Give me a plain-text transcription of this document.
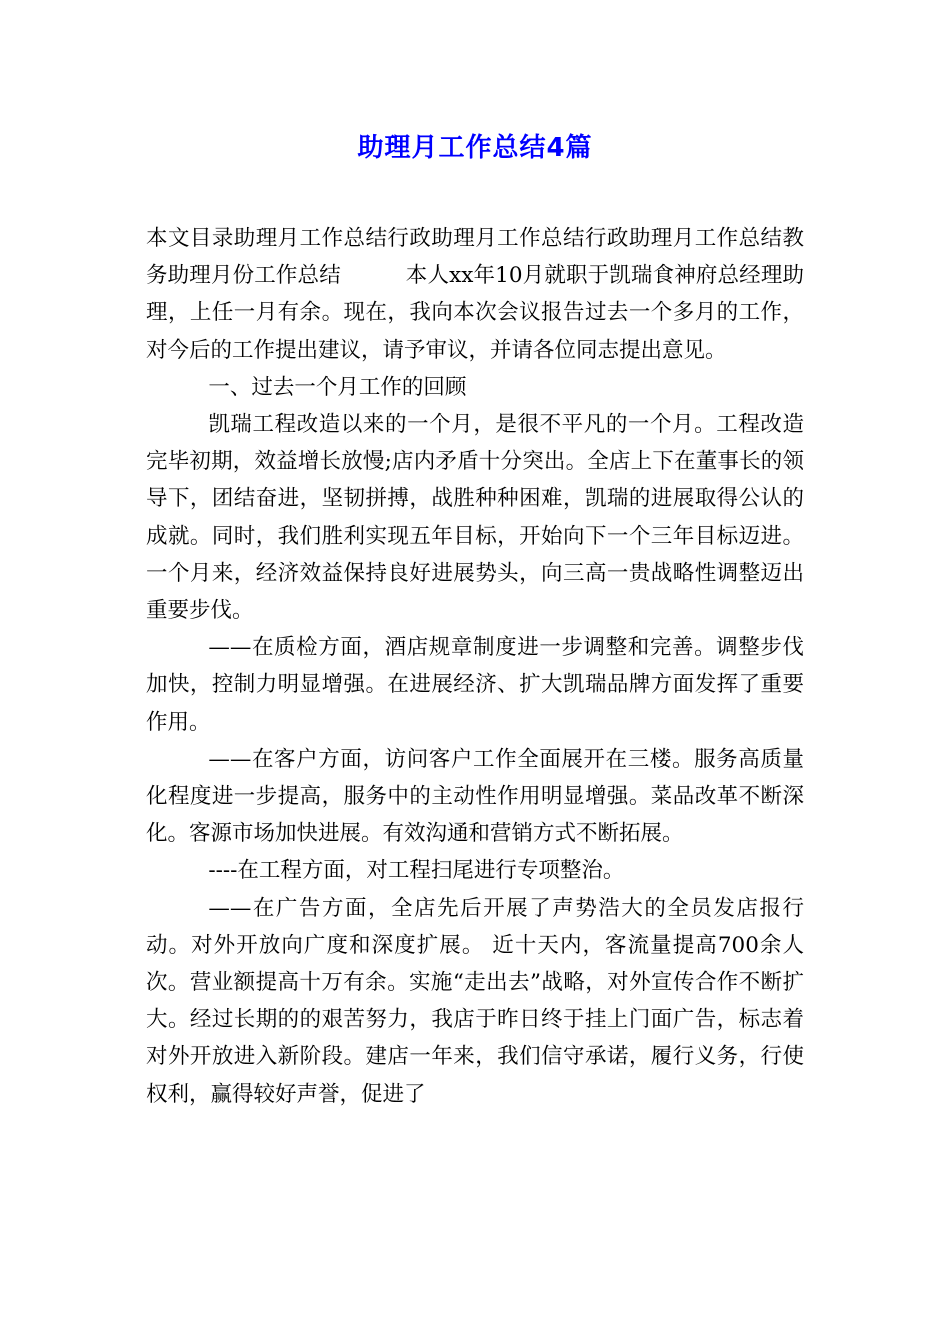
助理月工作总结4篇

本文目录助理月工作总结行政助理月工作总结行政助理月工作总结教务助理月份工作总结　　　本人xx年10月就职于凯瑞食神府总经理助理，上任一月有余。现在，我向本次会议报告过去一个多月的工作，对今后的工作提出建议，请予审议，并请各位同志提出意见。

一、过去一个月工作的回顾

凯瑞工程改造以来的一个月，是很不平凡的一个月。工程改造完毕初期，效益增长放慢;店内矛盾十分突出。全店上下在董事长的领导下，团结奋进，坚韧拼搏，战胜种种困难，凯瑞的进展取得公认的成就。同时，我们胜利实现五年目标，开始向下一个三年目标迈进。 一个月来，经济效益保持良好进展势头，向三高一贵战略性调整迈出重要步伐。

——在质检方面，酒店规章制度进一步调整和完善。调整步伐加快，控制力明显增强。在进展经济、扩大凯瑞品牌方面发挥了重要作用。

——在客户方面，访问客户工作全面展开在三楼。服务高质量化程度进一步提高，服务中的主动性作用明显增强。菜品改革不断深化。客源市场加快进展。有效沟通和营销方式不断拓展。

----在工程方面，对工程扫尾进行专项整治。

——在广告方面，全店先后开展了声势浩大的全员发店报行动。对外开放向广度和深度扩展。 近十天内，客流量提高700余人次。营业额提高十万有余。实施“走出去”战略，对外宣传合作不断扩大。经过长期的的艰苦努力，我店于昨日终于挂上门面广告，标志着对外开放进入新阶段。建店一年来，我们信守承诺，履行义务，行使权利，赢得较好声誉，促进了
